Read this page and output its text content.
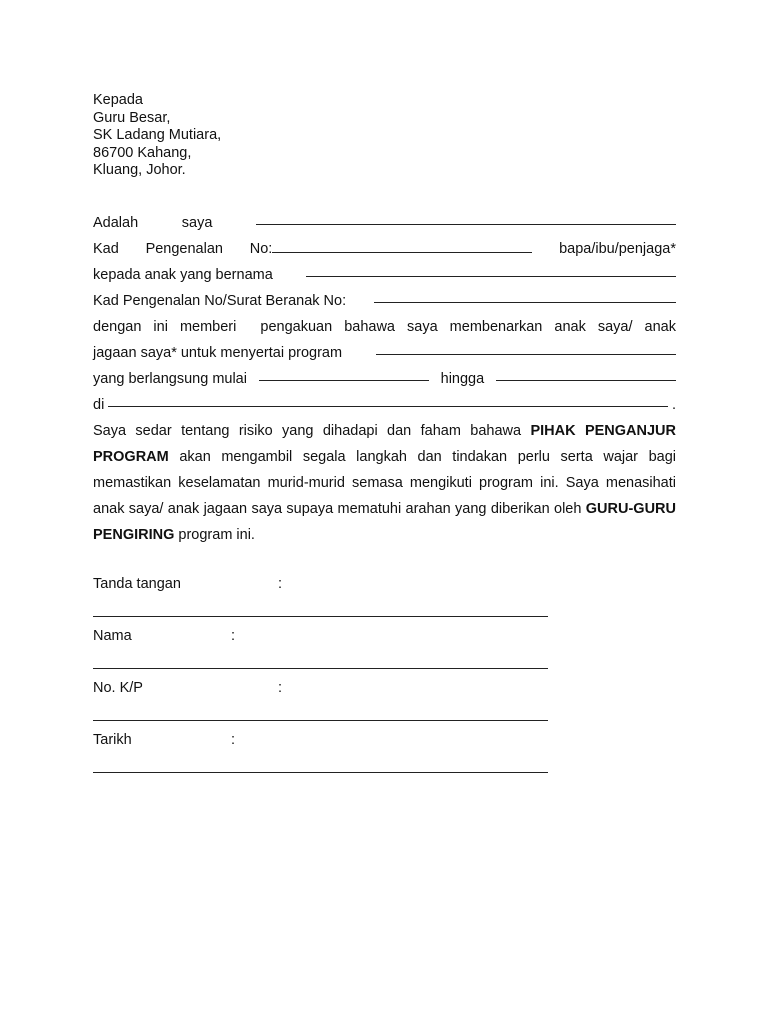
Kepada
Guru Besar,
SK Ladang Mutiara,
86700 Kahang,
Kluang, Johor.
Adalah	saya
Kad Pengenalan No:	bapa/ibu/penjaga*
kepada anak yang bernama
Kad Pengenalan No/Surat Beranak No:
dengan ini memberi  pengakuan bahawa saya membenarkan anak saya/ anak
jagaan saya* untuk menyertai program
yang berlangsung mulai	hingga
di	.
Saya sedar tentang risiko yang dihadapi dan faham bahawa PIHAK PENGANJUR PROGRAM akan mengambil segala langkah dan tindakan perlu serta wajar bagi memastikan keselamatan murid-murid semasa mengikuti program ini. Saya menasihati anak saya/ anak jagaan saya supaya mematuhi arahan yang diberikan oleh GURU-GURU PENGIRING program ini.
Tanda tangan	:
Nama	:
No. K/P	:
Tarikh	:
